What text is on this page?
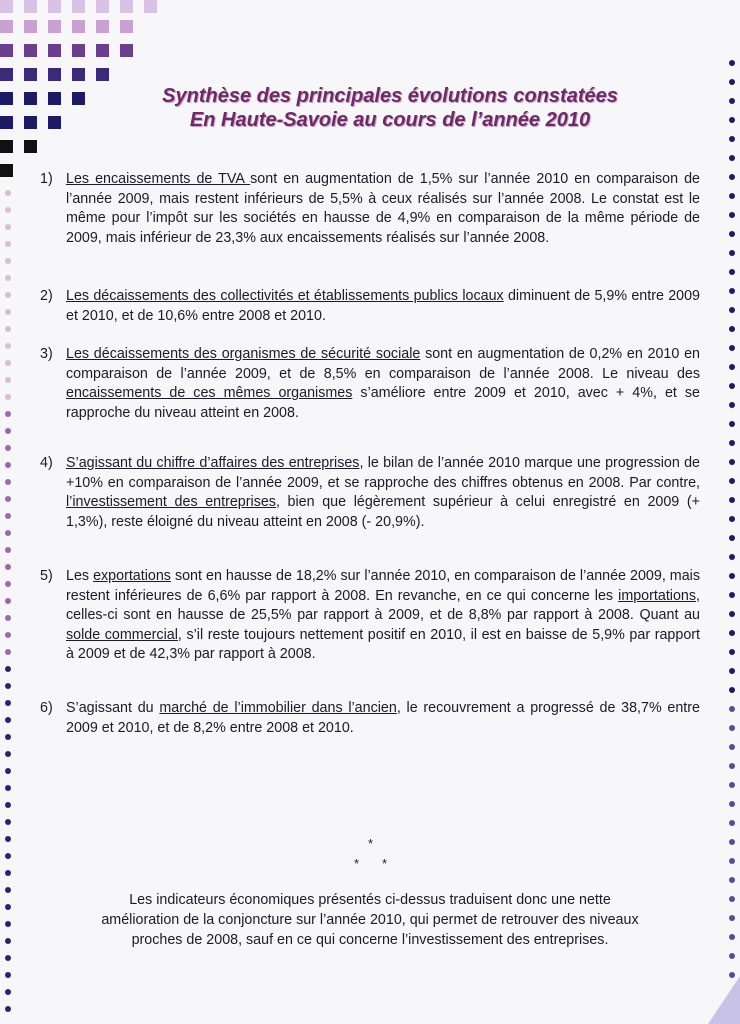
Synthèse des principales évolutions constatées
En Haute-Savoie au cours de l’année 2010
1) Les encaissements de TVA sont en augmentation de 1,5% sur l’année 2010 en comparaison de l’année 2009, mais restent inférieurs de 5,5% à ceux réalisés sur l’année 2008. Le constat est le même pour l’impôt sur les sociétés en hausse de 4,9% en comparaison de la même période de 2009, mais inférieur de 23,3% aux encaissements réalisés sur l’année 2008.
2) Les décaissements des collectivités et établissements publics locaux diminuent de 5,9% entre 2009 et 2010, et de 10,6% entre 2008 et 2010.
3) Les décaissements des organismes de sécurité sociale sont en augmentation de 0,2% en 2010 en comparaison de l’année 2009, et de 8,5% en comparaison de l’année 2008. Le niveau des encaissements de ces mêmes organismes s’améliore entre 2009 et 2010, avec + 4%, et se rapproche du niveau atteint en 2008.
4) S’agissant du chiffre d’affaires des entreprises, le bilan de l’année 2010 marque une progression de +10% en comparaison de l’année 2009, et se rapproche des chiffres obtenus en 2008. Par contre, l’investissement des entreprises, bien que légèrement supérieur à celui enregistré en 2009 (+ 1,3%), reste éloigné du niveau atteint en 2008 (- 20,9%).
5) Les exportations sont en hausse de 18,2% sur l’année 2010, en comparaison de l’année 2009, mais restent inférieures de 6,6% par rapport à 2008. En revanche, en ce qui concerne les importations, celles-ci sont en hausse de 25,5% par rapport à 2009, et de 8,8% par rapport à 2008. Quant au solde commercial, s’il reste toujours nettement positif en 2010, il est en baisse de 5,9% par rapport à 2009 et de 42,3% par rapport à 2008.
6) S’agissant du marché de l’immobilier dans l’ancien, le recouvrement a progressé de 38,7% entre 2009 et 2010, et de 8,2% entre 2008 et 2010.
*
* *
Les indicateurs économiques présentés ci-dessus traduisent donc une nette
amélioration de la conjoncture sur l’année 2010, qui permet de retrouver des niveaux
proches de 2008, sauf en ce qui concerne l’investissement des entreprises.
